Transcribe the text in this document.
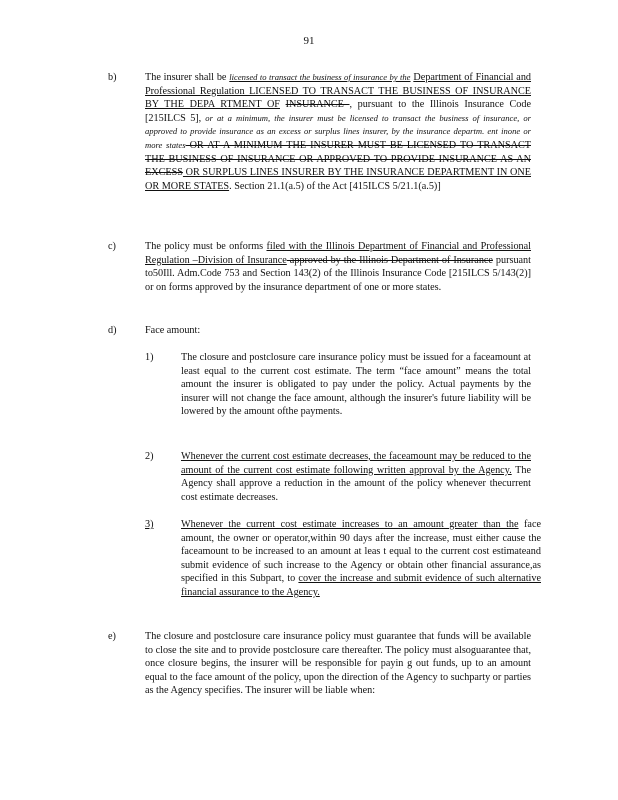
91
b)	The insurer shall be licensed to transact the business of insurance by the Department of Financial and Professional Regulation LICENSED TO TRANSACT THE BUSINESS OF INSURANCE BY THE DEPA RTMENT OF INSURANCE , pursuant to the Illinois Insurance Code [215ILCS 5], or at a minimum, the insurer must be licensed to transact the business of insurance, or approved to provide insurance as an excess or surplus lines insurer, by the insurance departm. ent inone or more states OR AT A MINIMUM THE INSURER MUST BE LICENSED TO TRANSACT THE BUSINESS OF INSURANCE OR APPROVED TO PROVIDE INSURANCE AS AN EXCESS OR SURPLUS LINES INSURER BY THE INSURANCE DEPARTMENT IN ONE OR MORE STATES. Section 21.1(a.5) of the Act [415ILCS 5/21.1(a.5)]
c)	The policy must be onforms filed with the Illinois Department of Financial and Professional Regulation –Division of Insurance approved by the Illinois Department of Insurance pursuant to50Ill. Adm.Code 753 and Section 143(2) of the Illinois Insurance Code [215ILCS 5/143(2)] or on forms approved by the insurance department of one or more states.
d)	Face amount:
1)	The closure and postclosure care insurance policy must be issued for a faceamount at least equal to the current cost estimate. The term “face amount” means the total amount the insurer is obligated to pay under the policy. Actual payments by the insurer will not change the face amount, although the insurer's future liability will be lowered by the amount ofthe payments.
2)	Whenever the current cost estimate decreases, the faceamount may be reduced to the amount of the current cost estimate following written approval by the Agency. The Agency shall approve a reduction in the amount of the policy whenever thecurrent cost estimate decreases.
3)	Whenever the current cost estimate increases to an amount greater than the face amount, the owner or operator,within 90 days after the increase, must either cause the faceamount to be increased to an amount at leas t equal to the current cost estimateand submit evidence of such increase to the Agency or obtain other financial assurance,as specified in this Subpart, to cover the increase and submit evidence of such alternative financial assurance to the Agency.
e)	The closure and postclosure care insurance policy must guarantee that funds will be available to close the site and to provide postclosure care thereafter. The policy must alsoguarantee that, once closure begins, the insurer will be responsible for payin g out funds, up to an amount equal to the face amount of the policy, upon the direction of the Agency to suchparty or parties as the Agency specifies. The insurer will be liable when:
